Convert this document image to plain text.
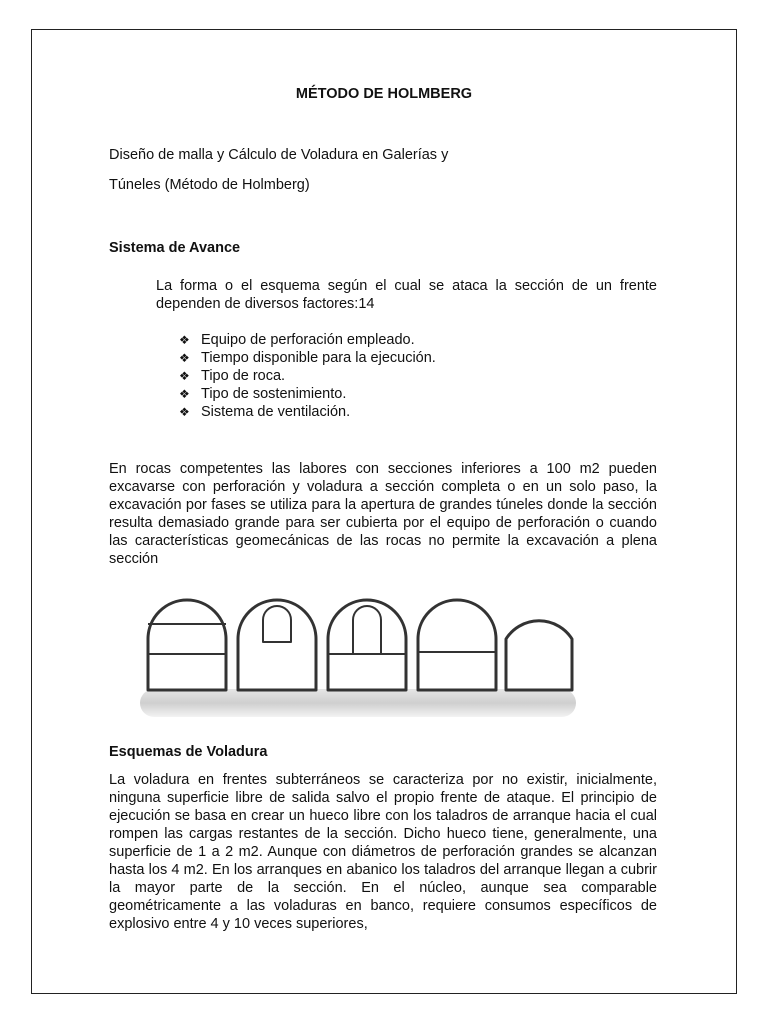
MÉTODO DE HOLMBERG
Diseño de malla y Cálculo de Voladura en Galerías y
Túneles (Método de Holmberg)
Sistema de Avance
La forma o el esquema según el cual se ataca la sección de un frente dependen de diversos factores:14
❖ Equipo de perforación empleado.
❖ Tiempo disponible para la ejecución.
❖ Tipo de roca.
❖ Tipo de sostenimiento.
❖ Sistema de ventilación.
En rocas competentes las labores con secciones inferiores a 100 m2 pueden excavarse con perforación y voladura a sección completa o en un solo paso, la excavación por fases se utiliza para la apertura de grandes túneles donde la sección resulta demasiado grande para ser cubierta por el equipo de perforación o cuando las características geomecánicas de las rocas no permite la excavación a plena sección
Esquemas de Voladura
La voladura en frentes subterráneos se caracteriza por no existir, inicialmente, ninguna superficie libre de salida salvo el propio frente de ataque. El principio de ejecución se basa en crear un hueco libre con los taladros de arranque hacia el cual rompen las cargas restantes de la sección. Dicho hueco tiene, generalmente, una superficie de 1 a 2 m2. Aunque con diámetros de perforación grandes se alcanzan hasta los 4 m2. En los arranques en abanico los taladros del arranque llegan a cubrir la mayor parte de la sección. En el núcleo, aunque sea comparable geométricamente a las voladuras en banco, requiere consumos específicos de explosivo entre 4 y 10 veces superiores,
